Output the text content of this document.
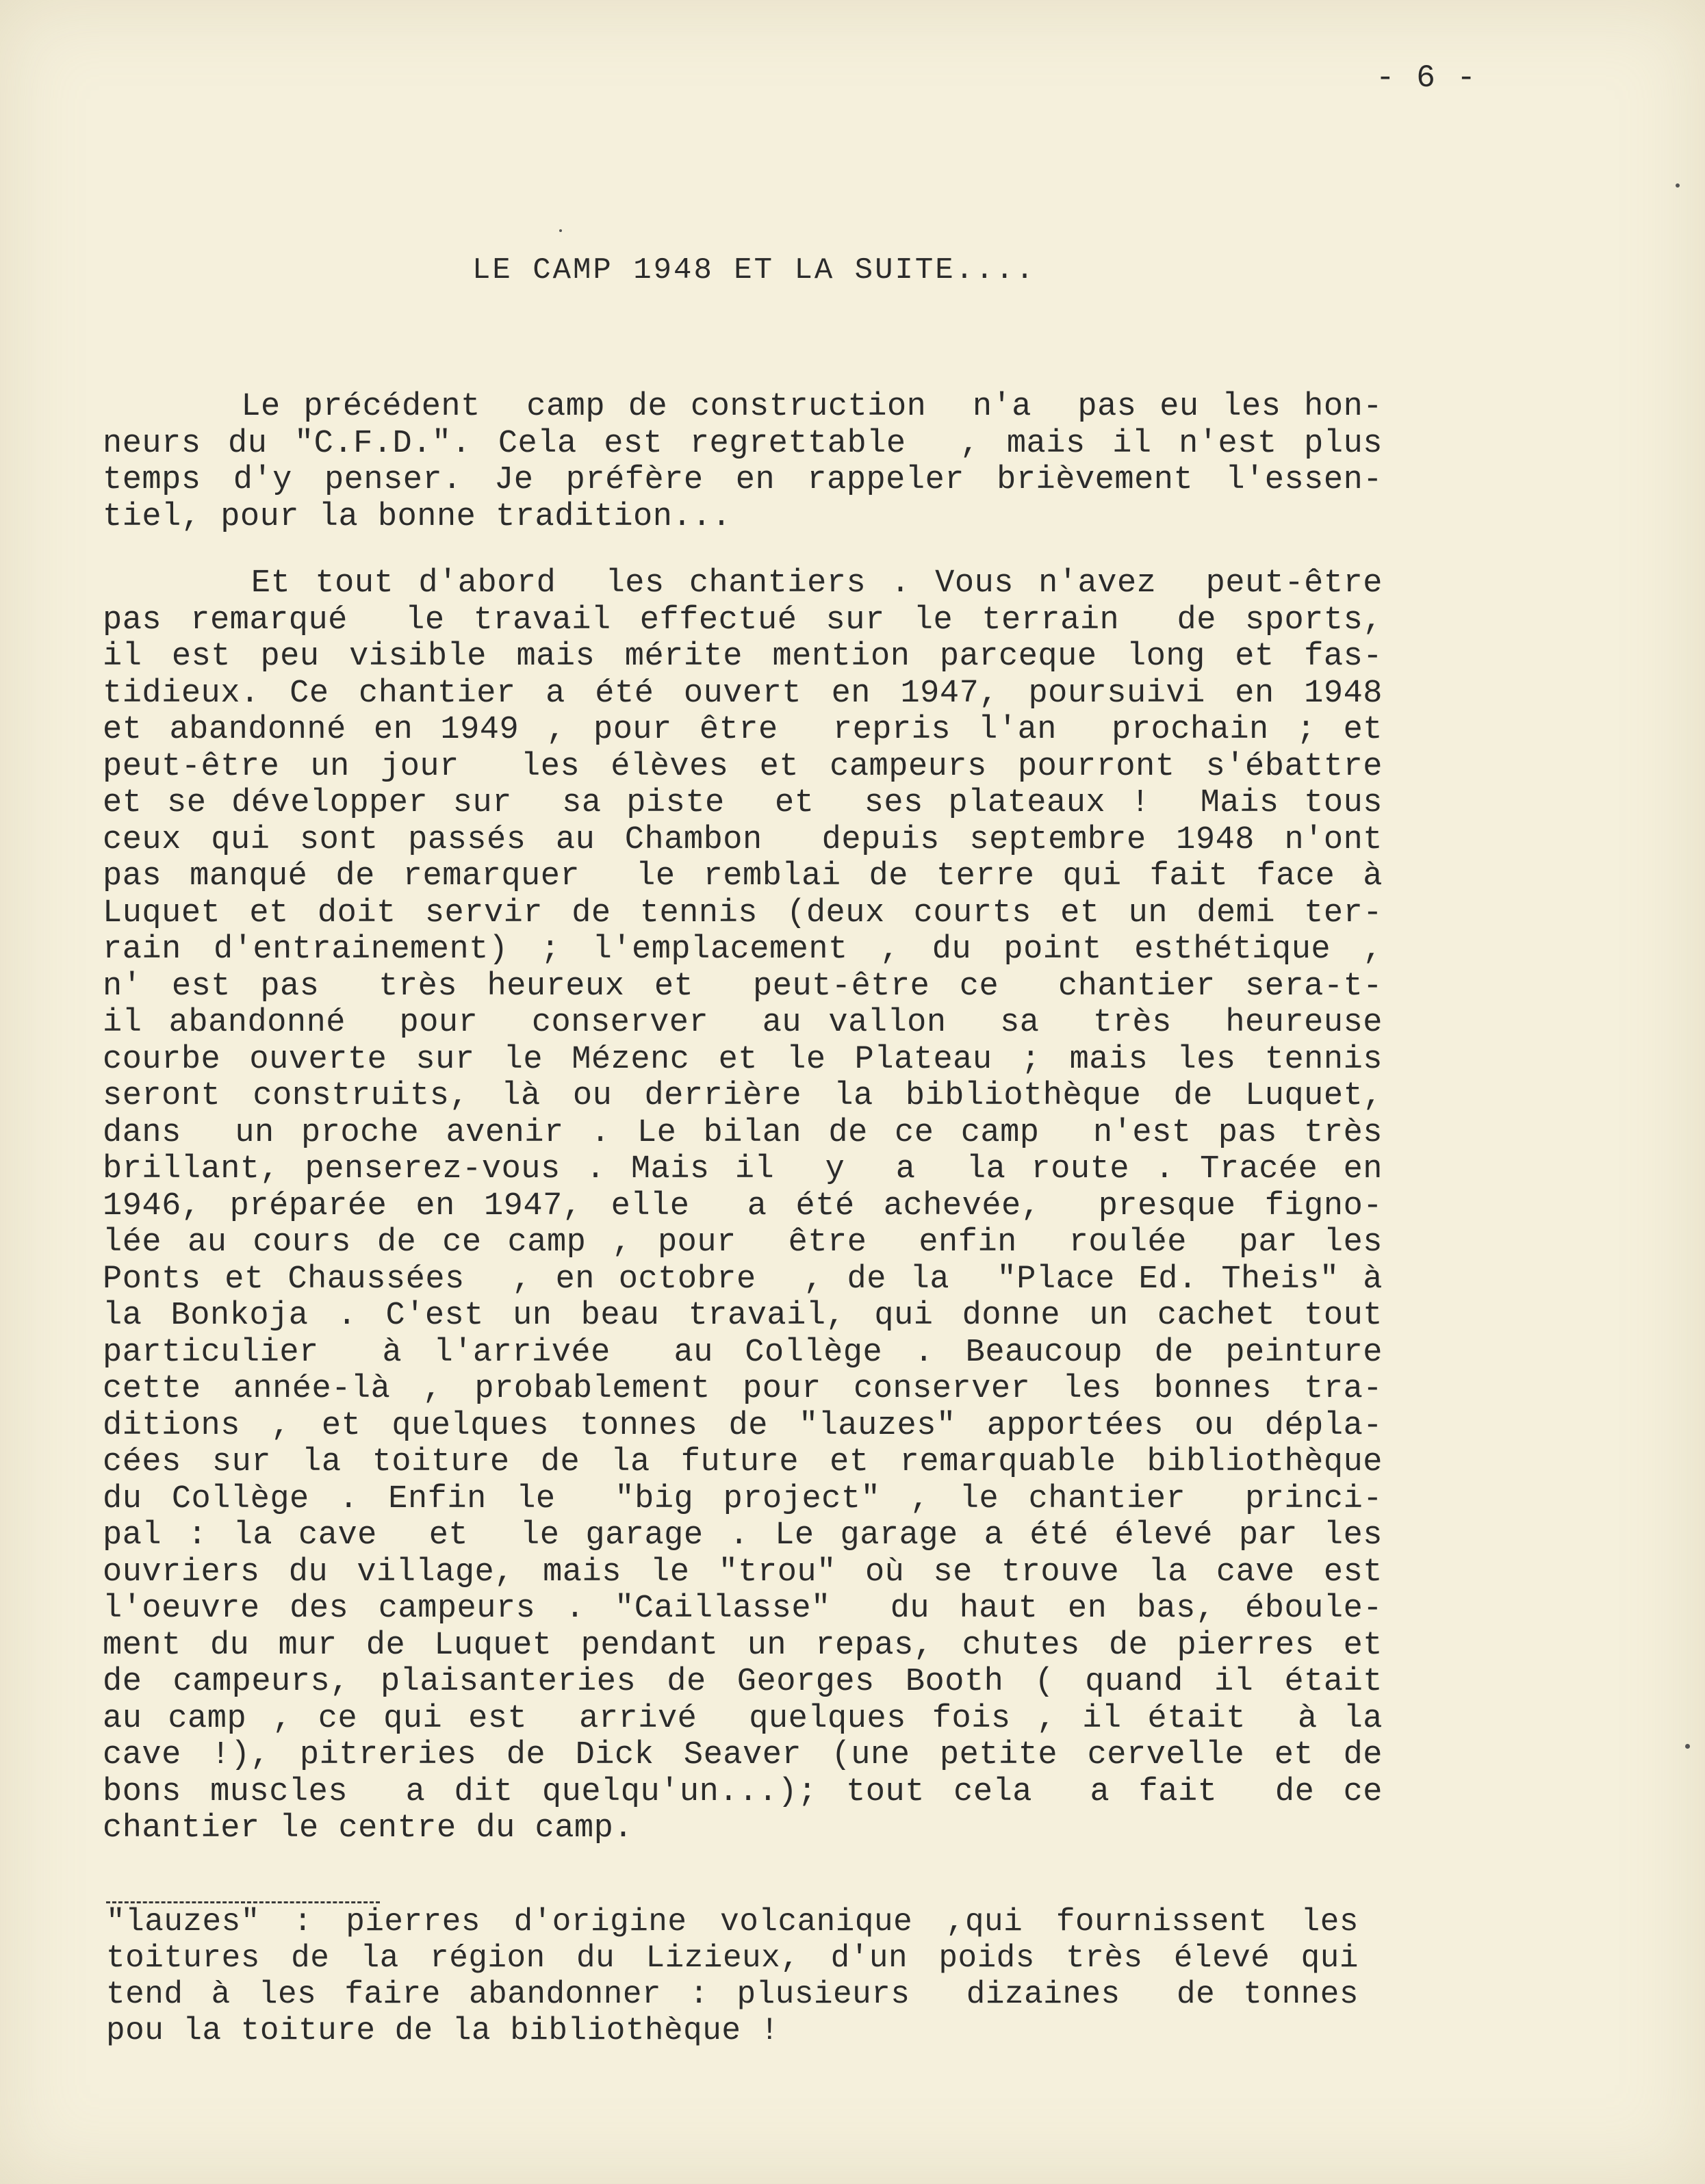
- 6 -
LE CAMP 1948 ET LA SUITE....
Le précédent  camp de construction  n'a  pas eu les hon-
neurs du "C.F.D.". Cela est regrettable  , mais il n'est plus
temps d'y penser. Je préfère en rappeler brièvement l'essen-
tiel, pour la bonne tradition...
Et tout d'abord  les chantiers . Vous n'avez  peut-être
pas remarqué  le travail effectué sur le terrain  de sports,
il est peu visible mais mérite mention parceque long et fas-
tidieux. Ce chantier a été ouvert en 1947, poursuivi en 1948
et abandonné en 1949 , pour être  repris l'an  prochain ; et
peut-être un jour  les élèves et campeurs pourront s'ébattre
et se développer sur  sa piste  et  ses plateaux !  Mais tous
ceux qui sont passés au Chambon  depuis septembre 1948 n'ont
pas manqué de remarquer  le remblai de terre qui fait face à
Luquet et doit servir de tennis (deux courts et un demi ter-
rain d'entrainement) ; l'emplacement , du point esthétique ,
n' est pas  très heureux et  peut-être ce  chantier sera-t-
il abandonné  pour  conserver  au vallon  sa  très  heureuse
courbe ouverte sur le Mézenc et le Plateau ; mais les tennis
seront construits, là ou derrière la bibliothèque de Luquet,
dans  un proche avenir . Le bilan de ce camp  n'est pas très
brillant, penserez-vous . Mais il  y  a  la route . Tracée en
1946, préparée en 1947, elle  a été achevée,  presque figno-
lée au cours de ce camp , pour  être  enfin  roulée  par les
Ponts et Chaussées  , en octobre  , de la  "Place Ed. Theis" à
la Bonkoja . C'est un beau travail, qui donne un cachet tout
particulier  à l'arrivée  au Collège . Beaucoup de peinture
cette année-là , probablement pour conserver les bonnes tra-
ditions , et quelques tonnes de "lauzes" apportées ou dépla-
cées sur la toiture de la future et remarquable bibliothèque
du Collège . Enfin le  "big project" , le chantier  princi-
pal : la cave  et  le garage . Le garage a été élevé par les
ouvriers du village, mais le "trou" où se trouve la cave est
l'oeuvre des campeurs . "Caillasse"  du haut en bas, éboule-
ment du mur de Luquet pendant un repas, chutes de pierres et
de campeurs, plaisanteries de Georges Booth ( quand il était
au camp , ce qui est  arrivé  quelques fois , il était  à la
cave !), pitreries de Dick Seaver (une petite cervelle et de
bons muscles  a dit quelqu'un...); tout cela  a fait  de ce
chantier le centre du camp.
"lauzes" : pierres d'origine volcanique ,qui fournissent les
toitures de la région du Lizieux, d'un poids très élevé qui
tend à les faire abandonner : plusieurs  dizaines  de tonnes
pou la toiture de la bibliothèque !
